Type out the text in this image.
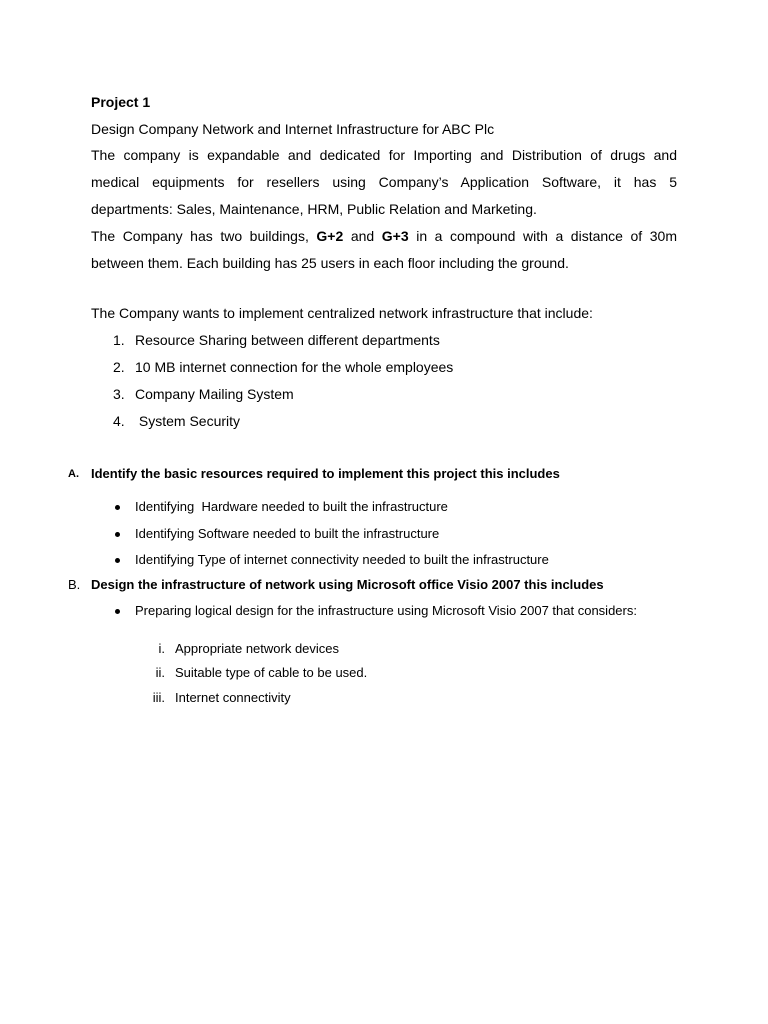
Project 1
Design Company Network and Internet Infrastructure for ABC Plc
The company is expandable and dedicated for Importing and Distribution of drugs and
medical equipments for resellers using Company’s Application Software, it has 5
departments: Sales, Maintenance, HRM, Public Relation and Marketing.
The Company has two buildings, G+2 and G+3 in a compound with a distance of 30m
between them. Each building has 25 users in each floor including the ground.
The Company wants to implement centralized network infrastructure that include:
1. Resource Sharing between different departments
2. 10 MB internet connection for the whole employees
3. Company Mailing System
4. System Security
A. Identify the basic resources required to implement this project this includes
Identifying  Hardware needed to built the infrastructure
Identifying Software needed to built the infrastructure
Identifying Type of internet connectivity needed to built the infrastructure
B. Design the infrastructure of network using Microsoft office Visio 2007 this includes
Preparing logical design for the infrastructure using Microsoft Visio 2007 that considers:
i. Appropriate network devices
ii. Suitable type of cable to be used.
iii. Internet connectivity
